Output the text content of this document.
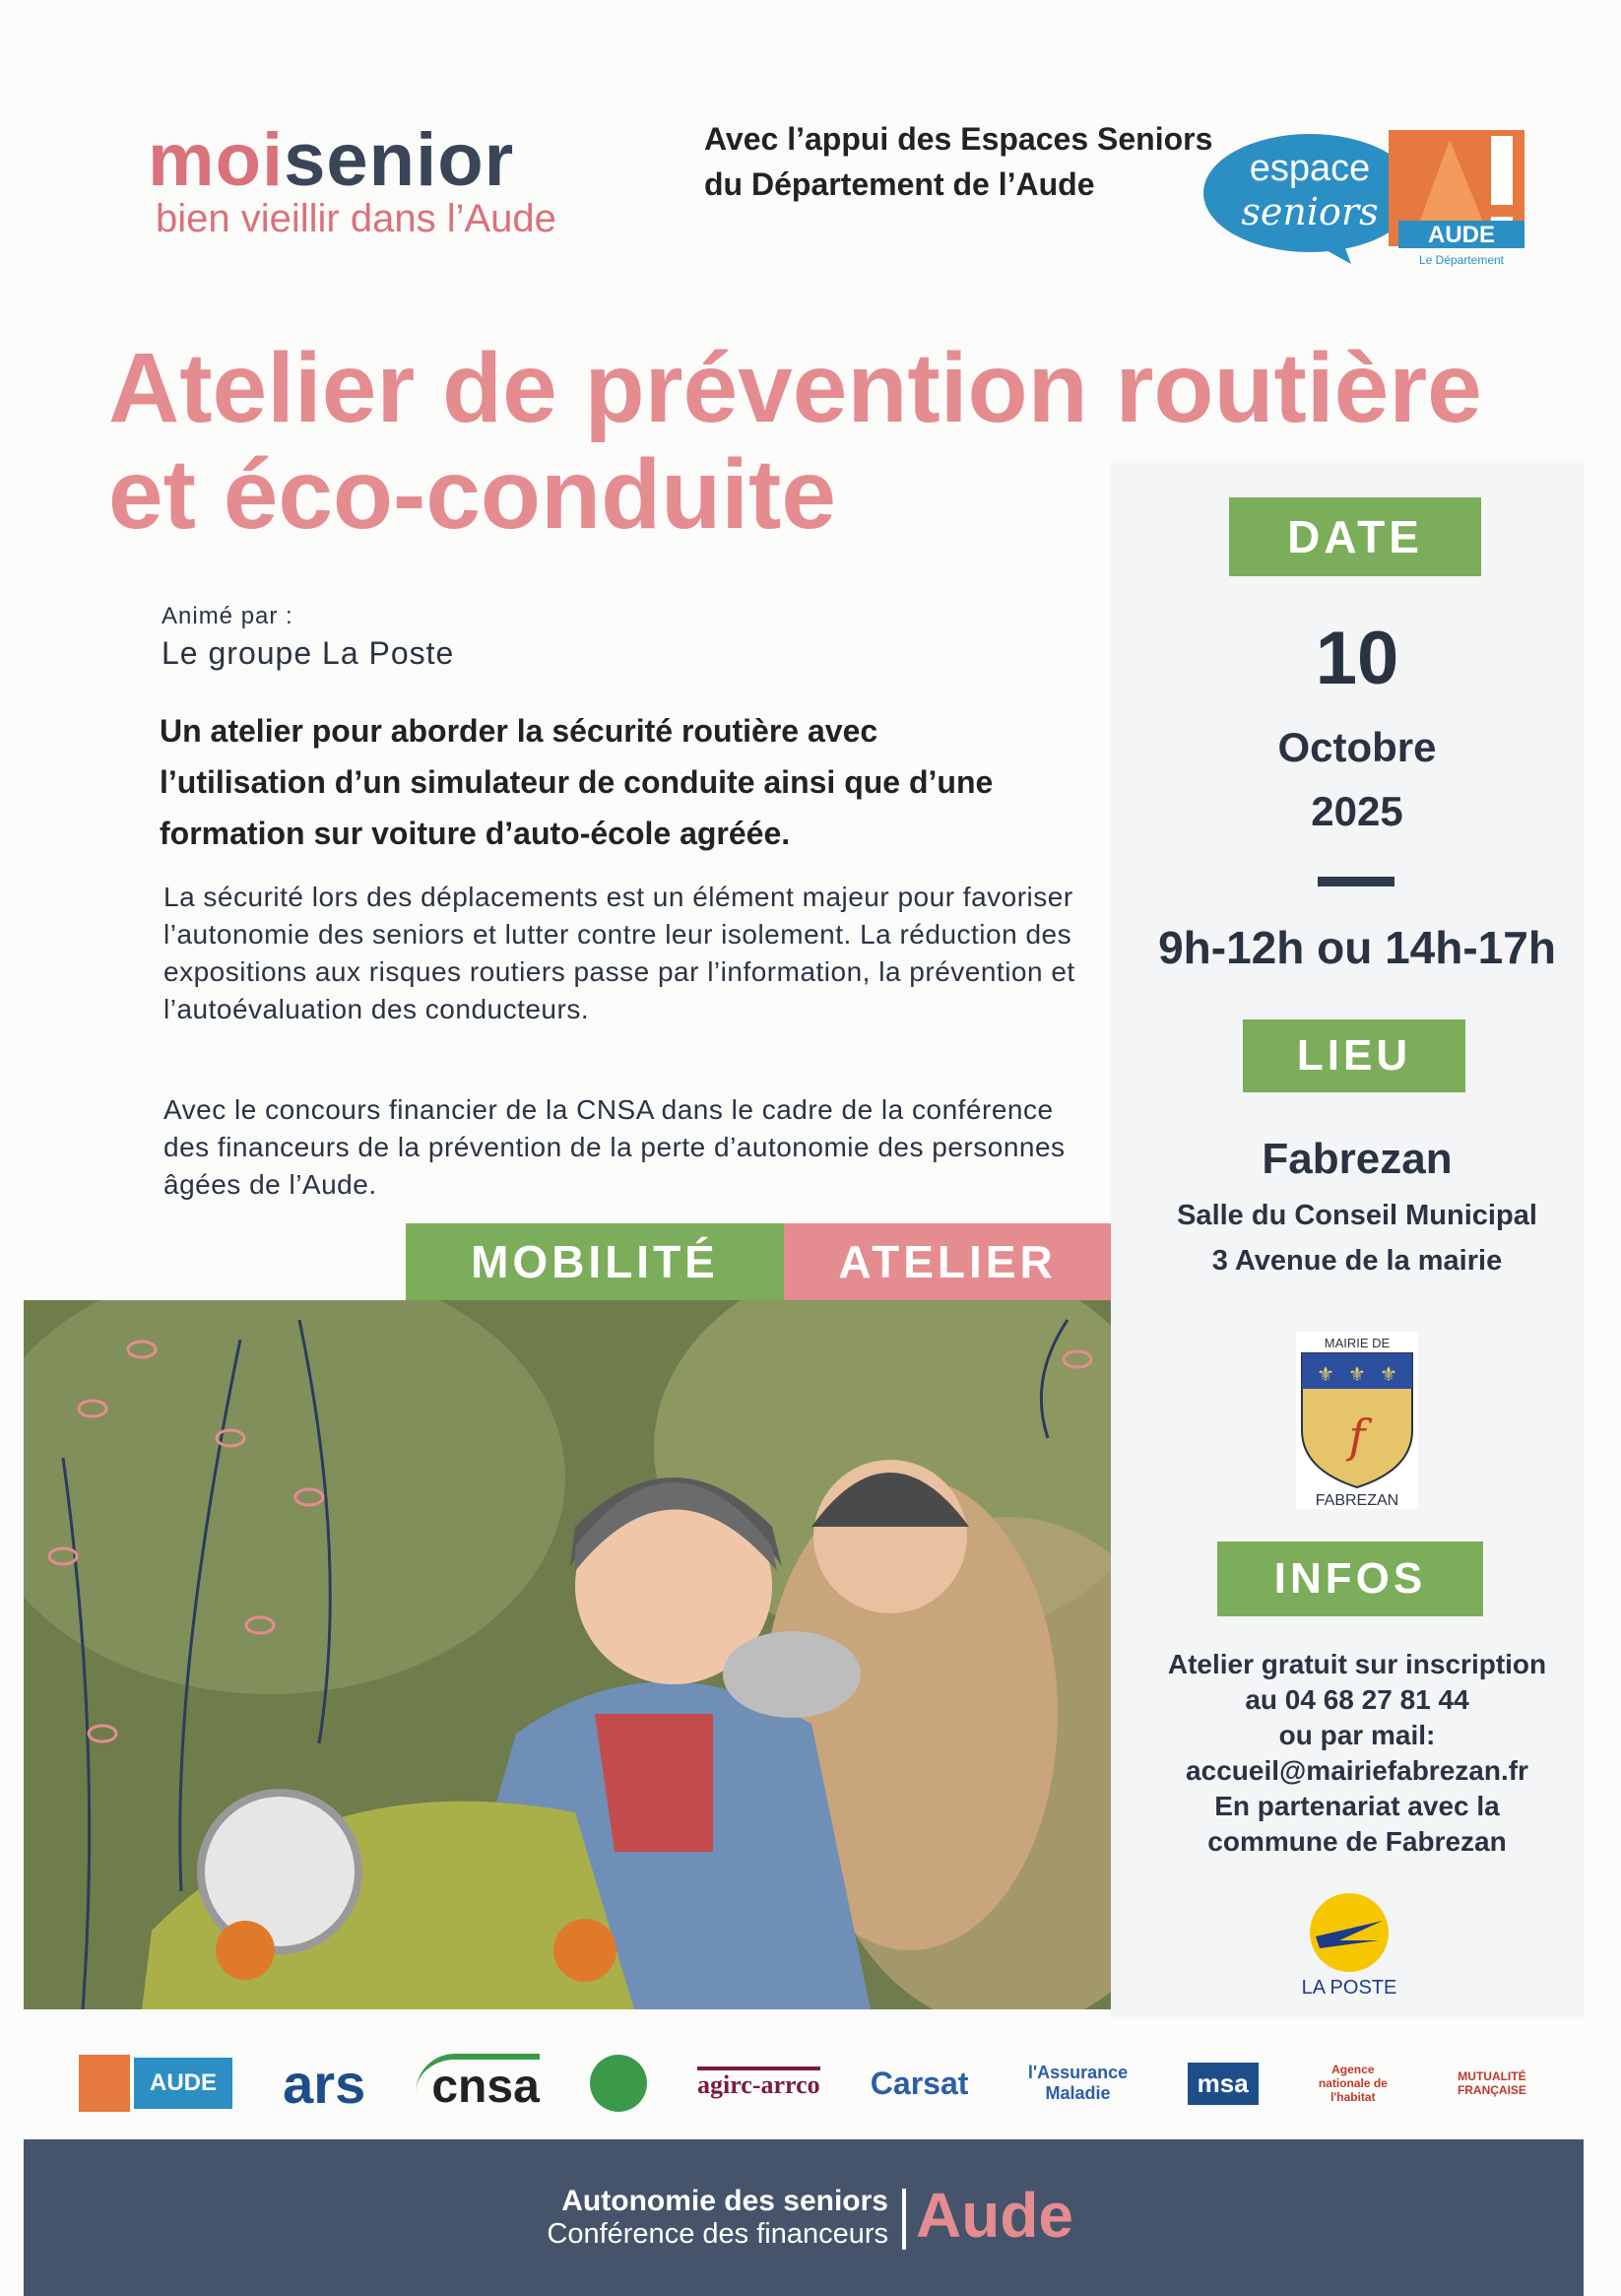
moisenior
bien vieillir dans l’Aude
Avec l’appui des Espaces Seniors
du Département de l’Aude	espace
seniors
AUDE
Le Département
Atelier de prévention routière
et éco-conduite
Animé par :
Le groupe La Poste
Un atelier pour aborder la sécurité routière avec l’utilisation d’un simulateur de conduite ainsi que d’une formation sur voiture d’auto-école agréée.
La sécurité lors des déplacements est un élément majeur pour favoriser l’autonomie des seniors et lutter contre leur isolement. La réduction des expositions aux risques routiers passe par l’information, la prévention et l’autoévaluation des conducteurs.
Avec le concours financier de la CNSA dans le cadre de la conférence des financeurs de la prévention de la perte d’autonomie des personnes âgées de l’Aude.
MOBILITÉ	ATELIER
DATE
10
Octobre
2025
9h-12h ou 14h-17h
LIEU
Fabrezan
Salle du Conseil Municipal
3 Avenue de la mairie
MAIRIE DE
⚜ ⚜ ⚜
f
FABREZAN
INFOS
Atelier gratuit sur inscription
au 04 68 27 81 44
ou par mail:
accueil@mairiefabrezan.fr
En partenariat avec la
commune de Fabrezan
LA POSTE
AUDE ars	cnsa	agirc-arrco Carsat	l'Assurance Maladie	msa	Agence nationale de l'habitat
MUTUALITÉ FRANÇAISE
Autonomie des seniors
Conférence des financeurs Aude
